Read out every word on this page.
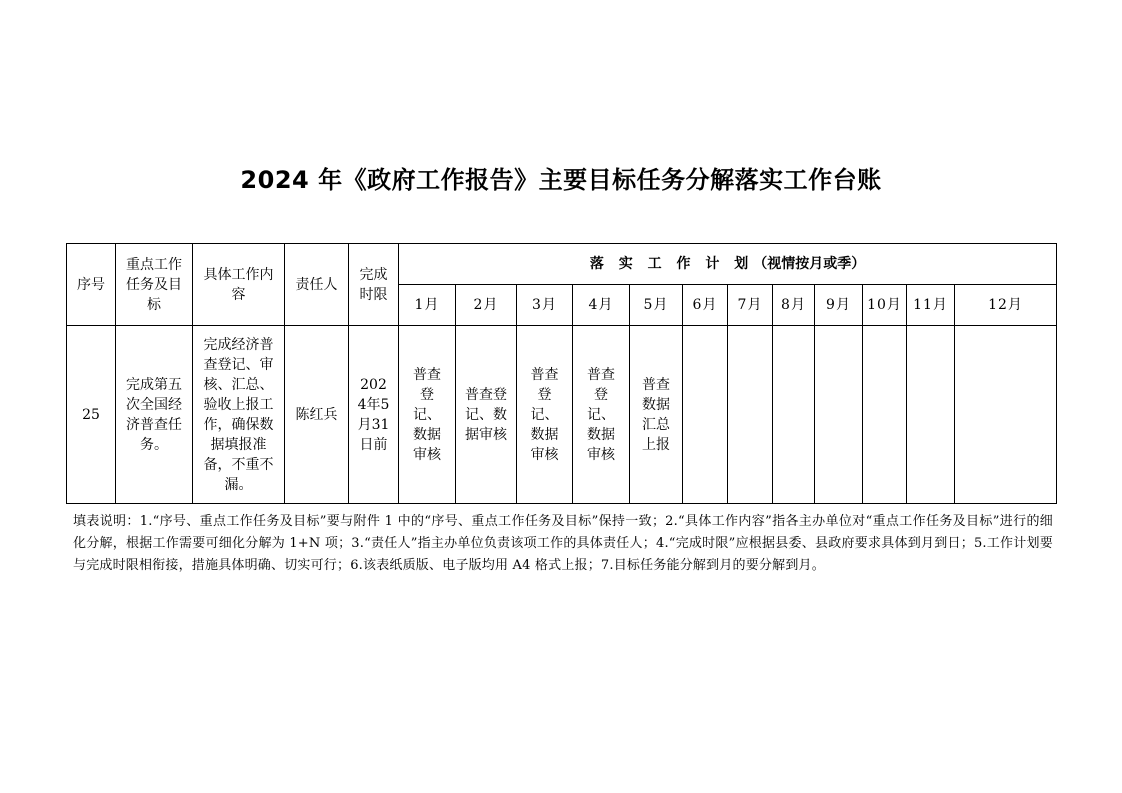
2024 年《政府工作报告》主要目标任务分解落实工作台账
序号	重点工作任务及目标	具体工作内容	责任人	完成时限	落 实 工 作 计 划（视情按月或季）	
					1月	2月	3月	4月	5月	6月	7月	8月	9月	10月	11月	12月	
25	完成第五次全国经济普查任务。	完成经济普查登记、审核、汇总、验收上报工作，确保数据填报准备，不重不漏。	陈红兵	2024年5月31日前	普查登记、数据审核	普查登记、数据审核	普查登记、数据审核	普查登记、数据审核	普查数据汇总上报								
填表说明：1.“序号、重点工作任务及目标”要与附件 1 中的“序号、重点工作任务及目标”保持一致；2.“具体工作内容”指各主办单位对“重点工作任务及目标”进行的细化分解，根据工作需要可细化分解为 1+N 项；3.“责任人”指主办单位负责该项工作的具体责任人；4.“完成时限”应根据县委、县政府要求具体到月到日；5.工作计划要与完成时限相衔接，措施具体明确、切实可行；6.该表纸质版、电子版均用 A4 格式上报；7.目标任务能分解到月的要分解到月。
